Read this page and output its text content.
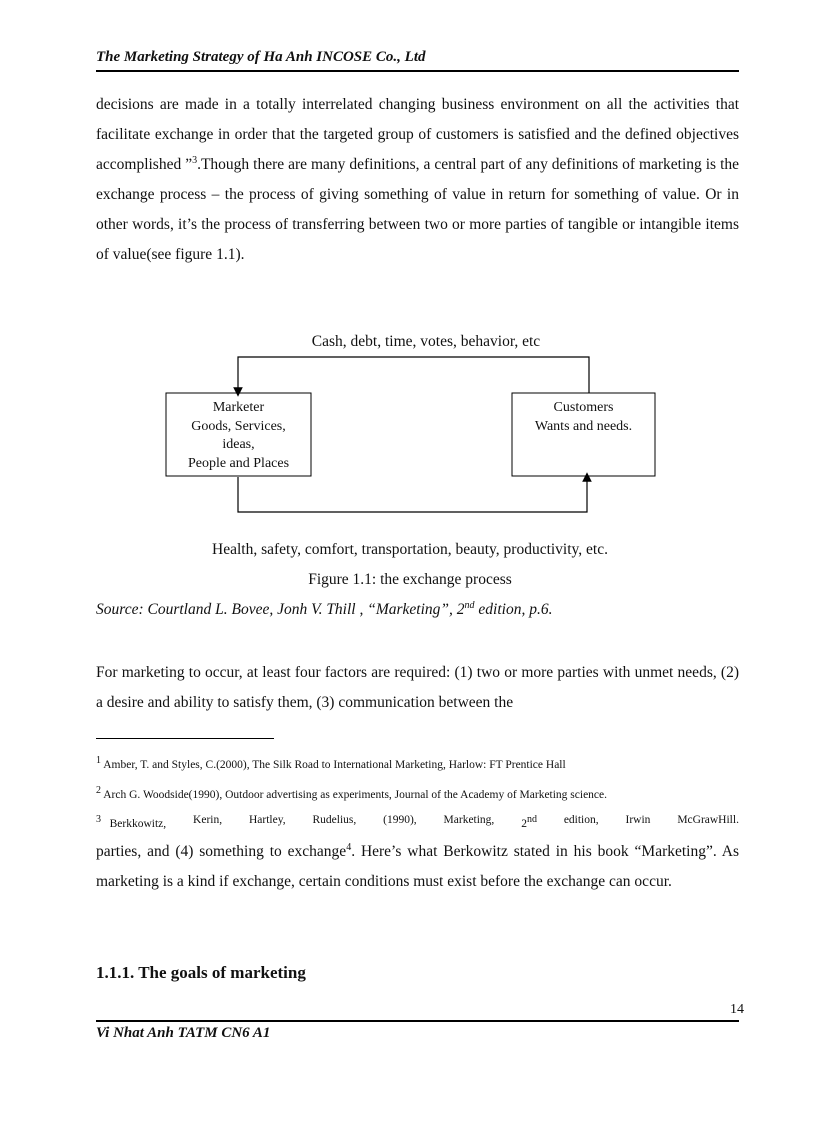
The Marketing Strategy of Ha Anh INCOSE Co., Ltd
decisions are made in a totally interrelated changing business environment on all the activities that facilitate exchange in order that the targeted group of customers is satisfied and the defined objectives accomplished ”$^3$.Though there are many definitions, a central part of any definitions of marketing is the exchange process – the process of giving something of value in return for something of value. Or in other words, it’s the process of transferring between two or more parties of tangible or intangible items of value(see figure 1.1).
Cash, debt, time, votes, behavior, etc
Marketer
Goods, Services,
ideas,
People and Places
Customers
Wants and needs.
Health, safety, comfort, transportation, beauty, productivity, etc.
Figure 1.1: the exchange process
Source: Courtland L. Bovee, Jonh V. Thill , “Marketing”, 2nd edition, p.6.
For marketing to occur, at least four factors are required: (1) two or more parties with unmet needs, (2) a desire and ability to satisfy them, (3) communication between the
$^1$ Amber, T. and Styles, C.(2000), The Silk Road to International Marketing, Harlow: FT Prentice Hall
$^2$ Arch G. Woodside(1990), Outdoor advertising as experiments, Journal of the Academy of Marketing science.
$^3$ Berkkowitz, Kerin, Hartley, Rudelius, (1990), Marketing, 2nd edition, Irwin McGrawHill.
parties, and (4) something to exchange$^4$. Here’s what Berkowitz stated in his book “Marketing”. As marketing is a kind if exchange, certain conditions must exist before the exchange can occur.
1.1.1. The goals of marketing
14
Vi Nhat Anh TATM CN6 A1
